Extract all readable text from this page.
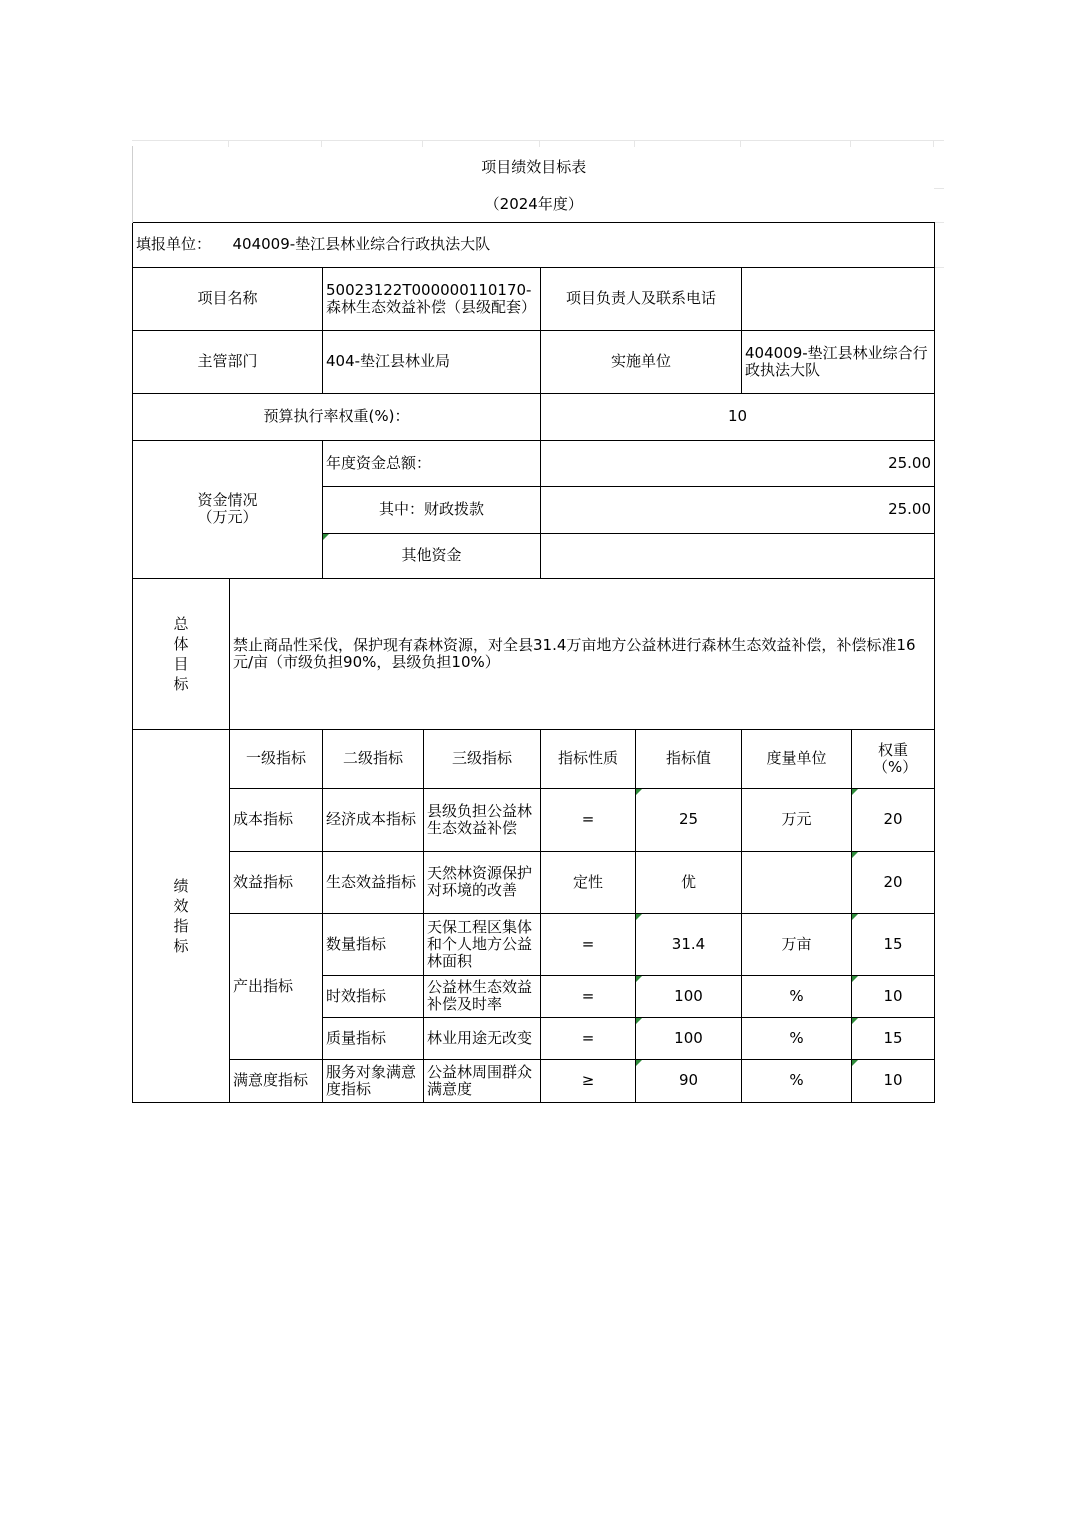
项目绩效目标表							
（2024年度）							
填报单位：	404009-垫江县林业综合行政执法大队						
项目名称		50023122T000000110170-森林生态效益补偿（县级配套）		项目负责人及联系电话			
主管部门		404-垫江县林业局		实施单位		404009-垫江县林业综合行政执法大队	
预算执行率权重(%)：				10			
资金情况（万元）		年度资金总额：		25.00			
		其中：财政拨款		25.00			
		其他资金					
总体目标	禁止商品性采伐，保护现有森林资源，对全县31.4万亩地方公益林进行森林生态效益补偿，补偿标准16元/亩（市级负担90%，县级负担10%）						
绩效指标	一级指标	二级指标	三级指标	指标性质	指标值	度量单位	权重（%）
	成本指标	经济成本指标	县级负担公益林生态效益补偿	=	25	万元	20
	效益指标	生态效益指标	天然林资源保护对环境的改善	定性	优		20
	产出指标	数量指标	天保工程区集体和个人地方公益林面积	=	31.4	万亩	15
		时效指标	公益林生态效益补偿及时率	=	100	%	10
		质量指标	林业用途无改变	=	100	%	15
	满意度指标	服务对象满意度指标	公益林周围群众满意度	≥	90	%	10
